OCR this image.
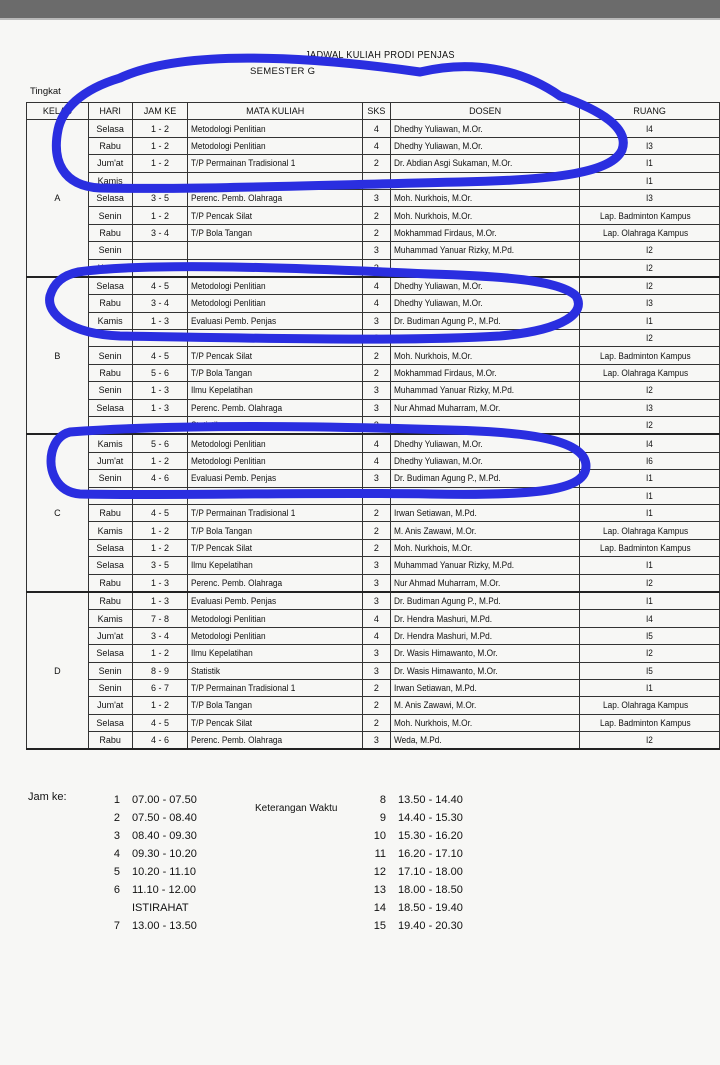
JADWAL KULIAH PRODI PENJAS
SEMESTER G
Tingkat
KELAS	HARI	JAM KE	MATA KULIAH	SKS	DOSEN	RUANG
A	Selasa	1 - 2	Metodologi Penlitian	4	Dhedhy Yuliawan, M.Or.	I4
	Rabu	1 - 2	Metodologi Penlitian	4	Dhedhy Yuliawan, M.Or.	I3
	Jum'at	1 - 2	T/P Permainan Tradisional 1	2	Dr. Abdian Asgi Sukaman, M.Or.	I1
	Kamis					I1
	Selasa	3 - 5	Perenc. Pemb. Olahraga	3	Moh. Nurkhois, M.Or.	I3
	Senin	1 - 2	T/P Pencak Silat	2	Moh. Nurkhois, M.Or.	Lap. Badminton Kampus
	Rabu	3 - 4	T/P Bola Tangan	2	Mokhammad Firdaus, M.Or.	Lap. Olahraga Kampus
	Senin			3	Muhammad Yanuar Rizky, M.Pd.	I2
	Kamis	1 - 3	Statistik	3		I2
B	Selasa	4 - 5	Metodologi Penlitian	4	Dhedhy Yuliawan, M.Or.	I2
	Rabu	3 - 4	Metodologi Penlitian	4	Dhedhy Yuliawan, M.Or.	I3
	Kamis	1 - 3	Evaluasi Pemb. Penjas	3	Dr. Budiman Agung P., M.Pd.	I1
			Tradisional 1	2		I2
	Senin	4 - 5	T/P Pencak Silat	2	Moh. Nurkhois, M.Or.	Lap. Badminton Kampus
	Rabu	5 - 6	T/P Bola Tangan	2	Mokhammad Firdaus, M.Or.	Lap. Olahraga Kampus
	Senin	1 - 3	Ilmu Kepelatihan	3	Muhammad Yanuar Rizky, M.Pd.	I2
	Selasa	1 - 3	Perenc. Pemb. Olahraga	3	Nur Ahmad Muharram, M.Or.	I3
			Statistik	3		I2
C	Kamis	5 - 6	Metodologi Penlitian	4	Dhedhy Yuliawan, M.Or.	I4
	Jum'at	1 - 2	Metodologi Penlitian	4	Dhedhy Yuliawan, M.Or.	I6
	Senin	4 - 6	Evaluasi Pemb. Penjas	3	Dr. Budiman Agung P., M.Pd.	I1
						I1
	Rabu	4 - 5	T/P Permainan Tradisional 1	2	Irwan Setiawan, M.Pd.	I1
	Kamis	1 - 2	T/P Bola Tangan	2	M. Anis Zawawi, M.Or.	Lap. Olahraga Kampus
	Selasa	1 - 2	T/P Pencak Silat	2	Moh. Nurkhois, M.Or.	Lap. Badminton Kampus
	Selasa	3 - 5	Ilmu Kepelatihan	3	Muhammad Yanuar Rizky, M.Pd.	I1
	Rabu	1 - 3	Perenc. Pemb. Olahraga	3	Nur Ahmad Muharram, M.Or.	I2
D	Rabu	1 - 3	Evaluasi Pemb. Penjas	3	Dr. Budiman Agung P., M.Pd.	I1
	Kamis	7 - 8	Metodologi Penlitian	4	Dr. Hendra Mashuri, M.Pd.	I4
	Jum'at	3 - 4	Metodologi Penlitian	4	Dr. Hendra Mashuri, M.Pd.	I5
	Selasa	1 - 2	Ilmu Kepelatihan	3	Dr. Wasis Himawanto, M.Or.	I2
	Senin	8 - 9	Statistik	3	Dr. Wasis Himawanto, M.Or.	I5
	Senin	6 - 7	T/P Permainan Tradisional 1	2	Irwan Setiawan, M.Pd.	I1
	Jum'at	1 - 2	T/P Bola Tangan	2	M. Anis Zawawi, M.Or.	Lap. Olahraga Kampus
	Selasa	4 - 5	T/P Pencak Silat	2	Moh. Nurkhois, M.Or.	Lap. Badminton Kampus
	Rabu	4 - 6	Perenc. Pemb. Olahraga	3	Weda, M.Pd.	I2
Keterangan Waktu
Jam ke:	1	07.00 - 07.50
2	07.50 - 08.40
3	08.40 - 09.30
4	09.30 - 10.20
5	10.20 - 11.10
6	11.10 - 12.00
ISTIRAHAT
7	13.00 - 13.50
8	13.50 - 14.40
9	14.40 - 15.30
10	15.30 - 16.20
11	16.20 - 17.10
12	17.10 - 18.00
13	18.00 - 18.50
14	18.50 - 19.40
15	19.40 - 20.30
